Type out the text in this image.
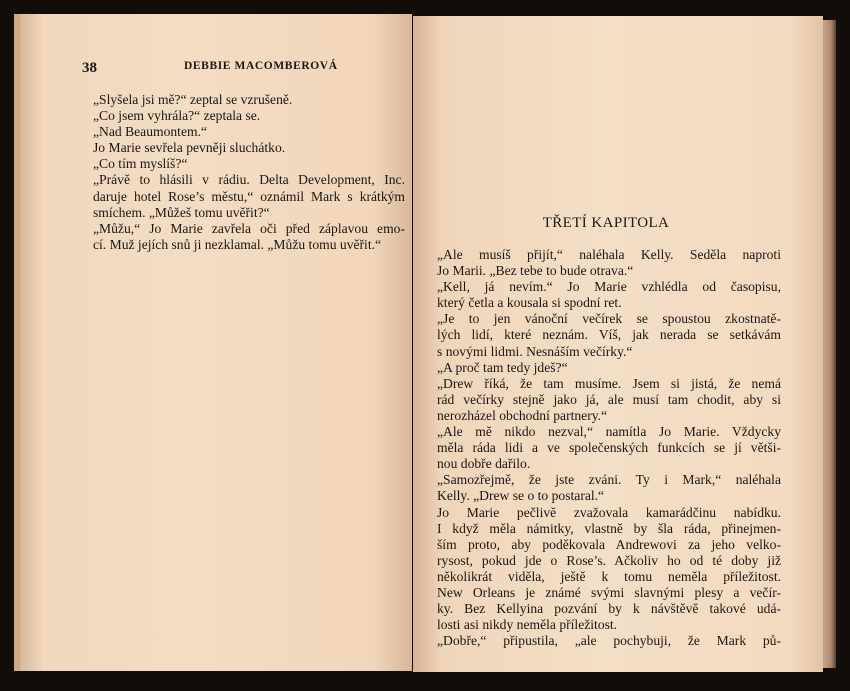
38	DEBBIE MACOMBEROVÁ
„Slyšela jsi mě?“ zeptal se vzrušeně.
„Co jsem vyhrála?“ zeptala se.
„Nad Beaumontem.“
Jo Marie sevřela pevněji sluchátko.
„Co tím myslíš?“
„Právě to hlásili v rádiu. Delta Development, Inc.
daruje hotel Rose’s městu,“ oznámil Mark s krátkým
smíchem. „Můžeš tomu uvěřit?“
„Můžu,“ Jo Marie zavřela oči před záplavou emo-
cí. Muž jejích snů ji nezklamal. „Můžu tomu uvěřit.“
TŘETÍ KAPITOLA
„Ale musíš přijít,“ naléhala Kelly. Seděla naproti
Jo Marii. „Bez tebe to bude otrava.“
„Kell, já nevím.“ Jo Marie vzhlédla od časopisu,
který četla a kousala si spodní ret.
„Je to jen vánoční večírek se spoustou zkostnatě-
lých lidí, které neznám. Víš, jak nerada se setkávám
s novými lidmi. Nesnáším večírky.“
„A proč tam tedy jdeš?“
„Drew říká, že tam musíme. Jsem si jistá, že nemá
rád večírky stejně jako já, ale musí tam chodit, aby si
nerozházel obchodní partnery.“
„Ale mě nikdo nezval,“ namítla Jo Marie. Vždycky
měla ráda lidi a ve společenských funkcích se jí větši-
nou dobře dařilo.
„Samozřejmě, že jste zváni. Ty i Mark,“ naléhala
Kelly. „Drew se o to postaral.“
Jo Marie pečlivě zvažovala kamarádčinu nabídku.
I když měla námitky, vlastně by šla ráda, přinejmen-
ším proto, aby poděkovala Andrewovi za jeho velko-
rysost, pokud jde o Rose’s. Ačkoliv ho od té doby již
několikrát viděla, ještě k tomu neměla příležitost.
New Orleans je známé svými slavnými plesy a večír-
ky. Bez Kellyina pozvání by k návštěvě takové udá-
losti asi nikdy neměla příležitost.
„Dobře,“ připustila, „ale pochybuji, že Mark pů-
